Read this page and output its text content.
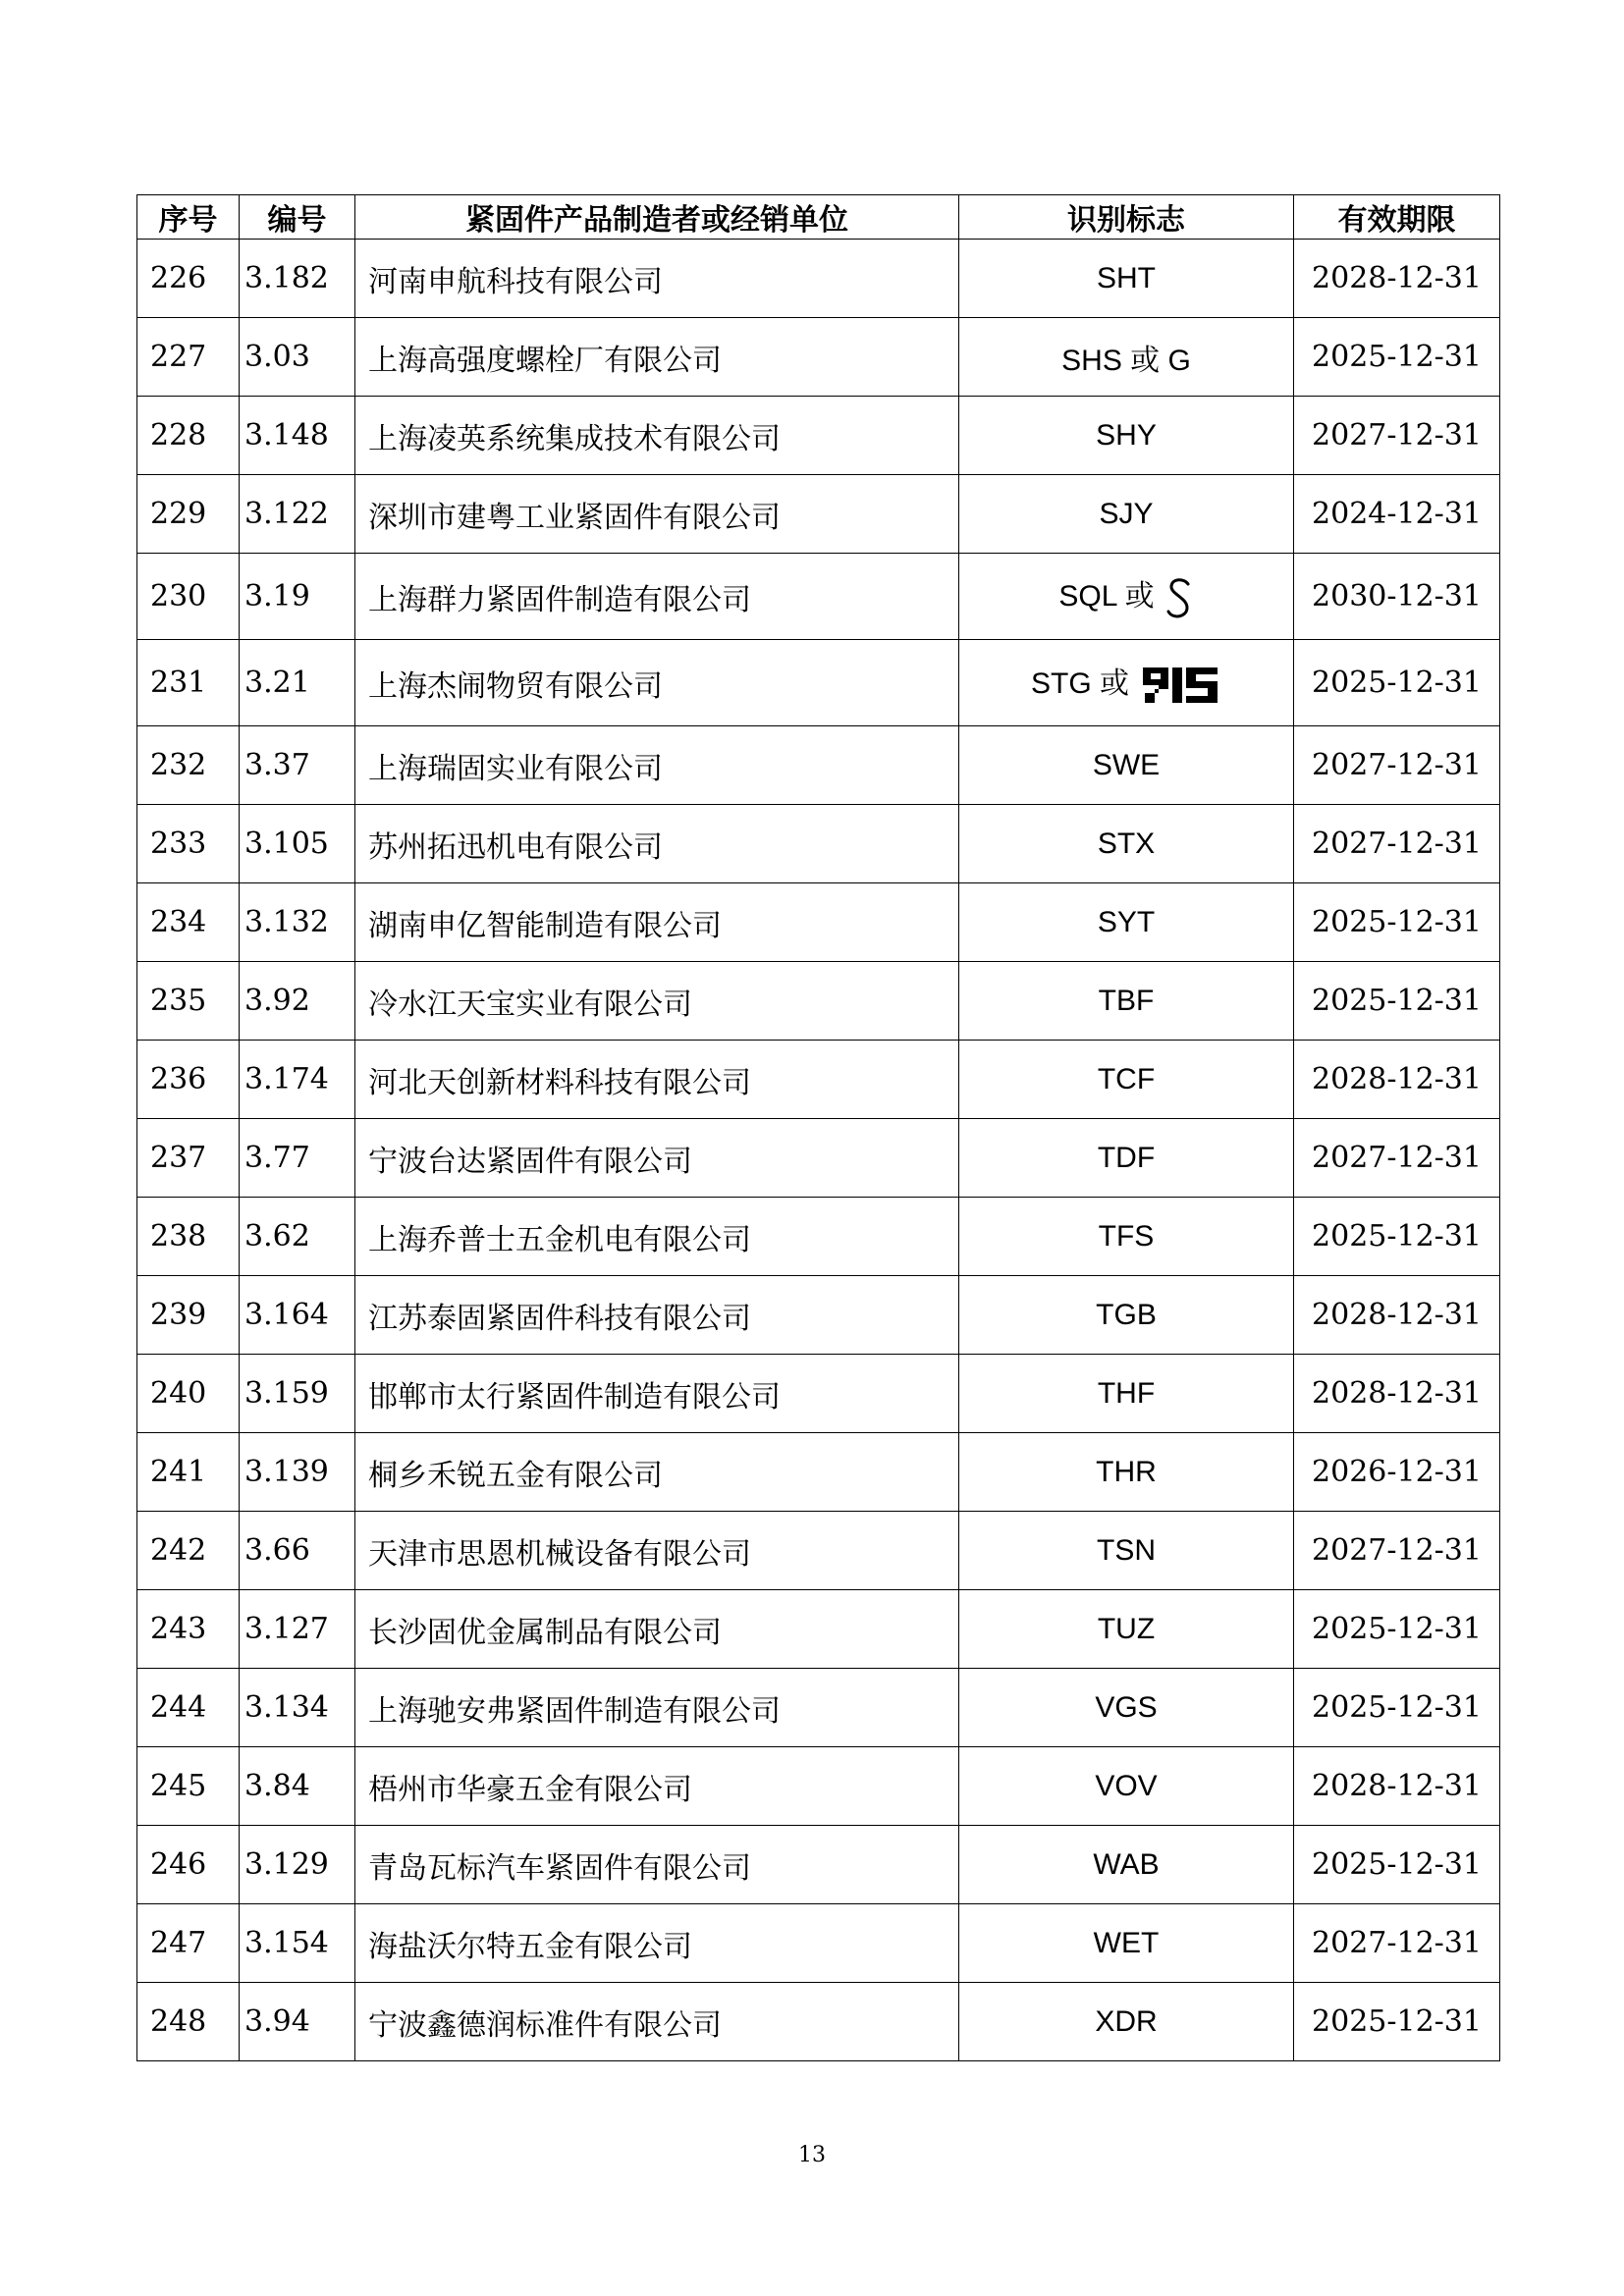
序号	编号	紧固件产品制造者或经销单位	识别标志	有效期限
226	3.182	河南申航科技有限公司	SHT	2028-12-31
227	3.03	上海高强度螺栓厂有限公司	SHS 或 G	2025-12-31
228	3.148	上海凌英系统集成技术有限公司	SHY	2027-12-31
229	3.122	深圳市建粤工业紧固件有限公司	SJY	2024-12-31
230	3.19	上海群力紧固件制造有限公司	SQL 或	2030-12-31
231	3.21	上海杰闹物贸有限公司	STG 或	2025-12-31
232	3.37	上海瑞固实业有限公司	SWE	2027-12-31
233	3.105	苏州拓迅机电有限公司	STX	2027-12-31
234	3.132	湖南申亿智能制造有限公司	SYT	2025-12-31
235	3.92	冷水江天宝实业有限公司	TBF	2025-12-31
236	3.174	河北天创新材料科技有限公司	TCF	2028-12-31
237	3.77	宁波台达紧固件有限公司	TDF	2027-12-31
238	3.62	上海乔普士五金机电有限公司	TFS	2025-12-31
239	3.164	江苏泰固紧固件科技有限公司	TGB	2028-12-31
240	3.159	邯郸市太行紧固件制造有限公司	THF	2028-12-31
241	3.139	桐乡禾锐五金有限公司	THR	2026-12-31
242	3.66	天津市思恩机械设备有限公司	TSN	2027-12-31
243	3.127	长沙固优金属制品有限公司	TUZ	2025-12-31
244	3.134	上海驰安弗紧固件制造有限公司	VGS	2025-12-31
245	3.84	梧州市华豪五金有限公司	VOV	2028-12-31
246	3.129	青岛瓦标汽车紧固件有限公司	WAB	2025-12-31
247	3.154	海盐沃尔特五金有限公司	WET	2027-12-31
248	3.94	宁波鑫德润标准件有限公司	XDR	2025-12-31
13
